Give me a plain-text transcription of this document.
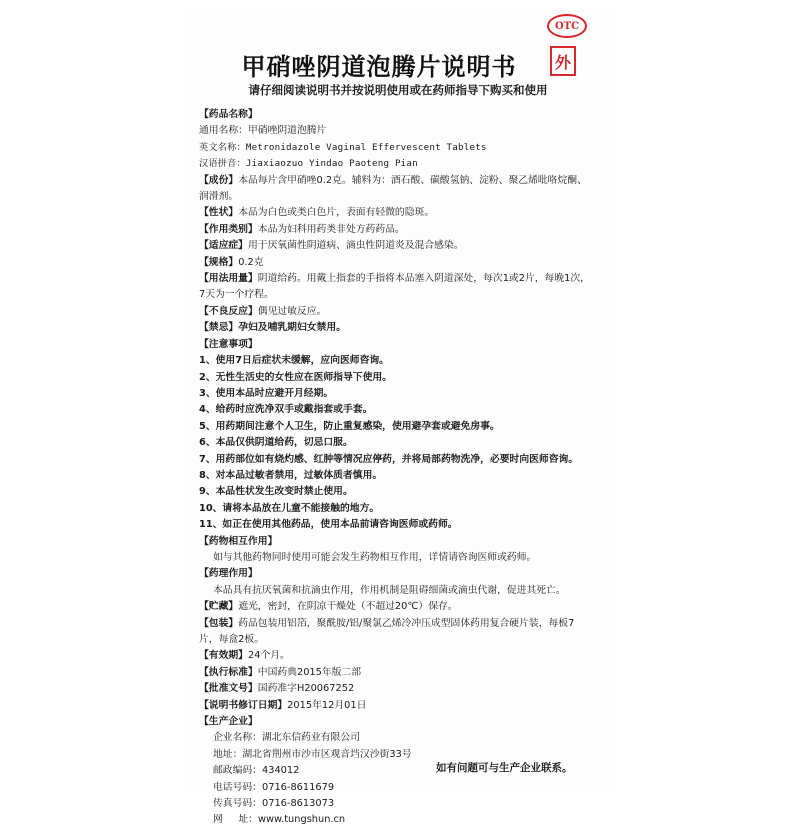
OTC
外
甲硝唑阴道泡腾片说明书
请仔细阅读说明书并按说明使用或在药师指导下购买和使用
【药品名称】
通用名称：甲硝唑阴道泡腾片
英文名称：Metronidazole Vaginal Effervescent Tablets
汉语拼音：Jiaxiaozuo Yindao Paoteng Pian
【成份】本品每片含甲硝唑0.2克。辅料为：酒石酸、碳酸氢钠、淀粉、聚乙烯吡咯烷酮、润滑剂。
【性状】本品为白色或类白色片，表面有轻微的隐斑。
【作用类别】本品为妇科用药类非处方药药品。
【适应症】用于厌氧菌性阴道病、滴虫性阴道炎及混合感染。
【规格】0.2克
【用法用量】阴道给药。用戴上指套的手指将本品塞入阴道深处，每次1或2片，每晚1次，7天为一个疗程。
【不良反应】偶见过敏反应。
【禁忌】孕妇及哺乳期妇女禁用。
【注意事项】
1、使用7日后症状未缓解，应向医师咨询。
2、无性生活史的女性应在医师指导下使用。
3、使用本品时应避开月经期。
4、给药时应洗净双手或戴指套或手套。
5、用药期间注意个人卫生，防止重复感染，使用避孕套或避免房事。
6、本品仅供阴道给药，切忌口服。
7、用药部位如有烧灼感、红肿等情况应停药，并将局部药物洗净，必要时向医师咨询。
8、对本品过敏者禁用，过敏体质者慎用。
9、本品性状发生改变时禁止使用。
10、请将本品放在儿童不能接触的地方。
11、如正在使用其他药品，使用本品前请咨询医师或药师。
【药物相互作用】
如与其他药物同时使用可能会发生药物相互作用，详情请咨询医师或药师。
【药理作用】
本品具有抗厌氧菌和抗滴虫作用，作用机制是阻碍细菌或滴虫代谢，促进其死亡。
【贮藏】遮光，密封，在阴凉干燥处（不超过20℃）保存。
【包装】药品包装用铝箔，聚酰胺/铝/聚氯乙烯冷冲压成型固体药用复合硬片装，每板7片，每盒2板。
【有效期】24个月。
【执行标准】中国药典2015年版二部
【批准文号】国药准字H20067252
【说明书修订日期】2015年12月01日
【生产企业】
企业名称：湖北东信药业有限公司
地址：湖北省荆州市沙市区观音垱汉沙街33号
邮政编码：434012
电话号码：0716-8611679
传真号码：0716-8613073
网     址：www.tungshun.cn
如有问题可与生产企业联系。
